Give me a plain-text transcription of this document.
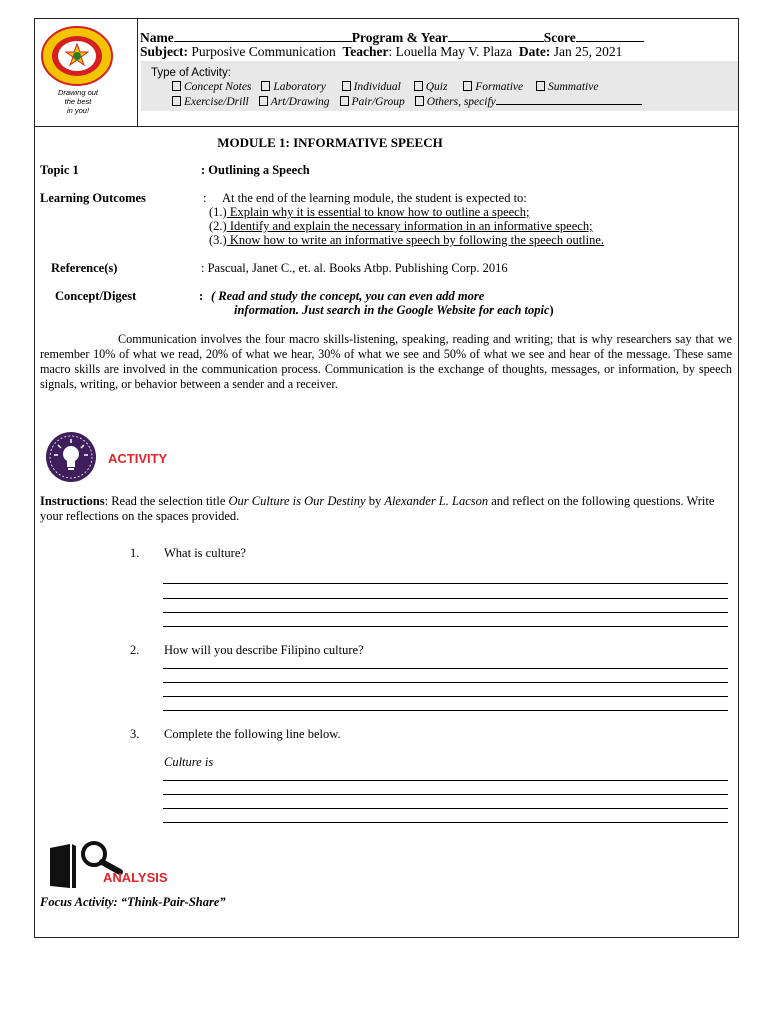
Drawing out
the best
in you!
Name	Program & Year	Score
Subject: Purposive Communication Teacher: Louella May V. Plaza Date: Jan 25, 2021
Type of Activity:
Concept Notes Laboratory Individual Quiz Formative Summative
Exercise/Drill Art/Drawing Pair/Group Others, specify
MODULE 1: INFORMATIVE SPEECH
Topic 1	: Outlining a Speech
Learning Outcomes	: At the end of the learning module, the student is expected to:
(1.) Explain why it is essential to know how to outline a speech;
(2.) Identify and explain the necessary information in an informative speech;
(3.) Know how to write an informative speech by following the speech outline.
Reference(s)	: Pascual, Janet C., et. al. Books Atbp. Publishing Corp. 2016
Concept/Digest	: ( Read and study the concept, you can even add more
information. Just search in the Google Website for each topic)
Communication involves the four macro skills-listening, speaking, reading and writing; that is why researchers say that we remember 10% of what we read, 20% of what we hear, 30% of what we see and 50% of what we see and hear of the message. These same macro skills are involved in the communication process. Communication is the exchange of thoughts, messages, or information, by speech signals, writing, or behavior between a sender and a receiver.
ACTIVITY
Instructions: Read the selection title Our Culture is Our Destiny by Alexander L. Lacson and reflect on the following questions. Write your reflections on the spaces provided.
1. What is culture?
2. How will you describe Filipino culture?
3. Complete the following line below.
Culture is
ANALYSIS
Focus Activity: “Think-Pair-Share”
